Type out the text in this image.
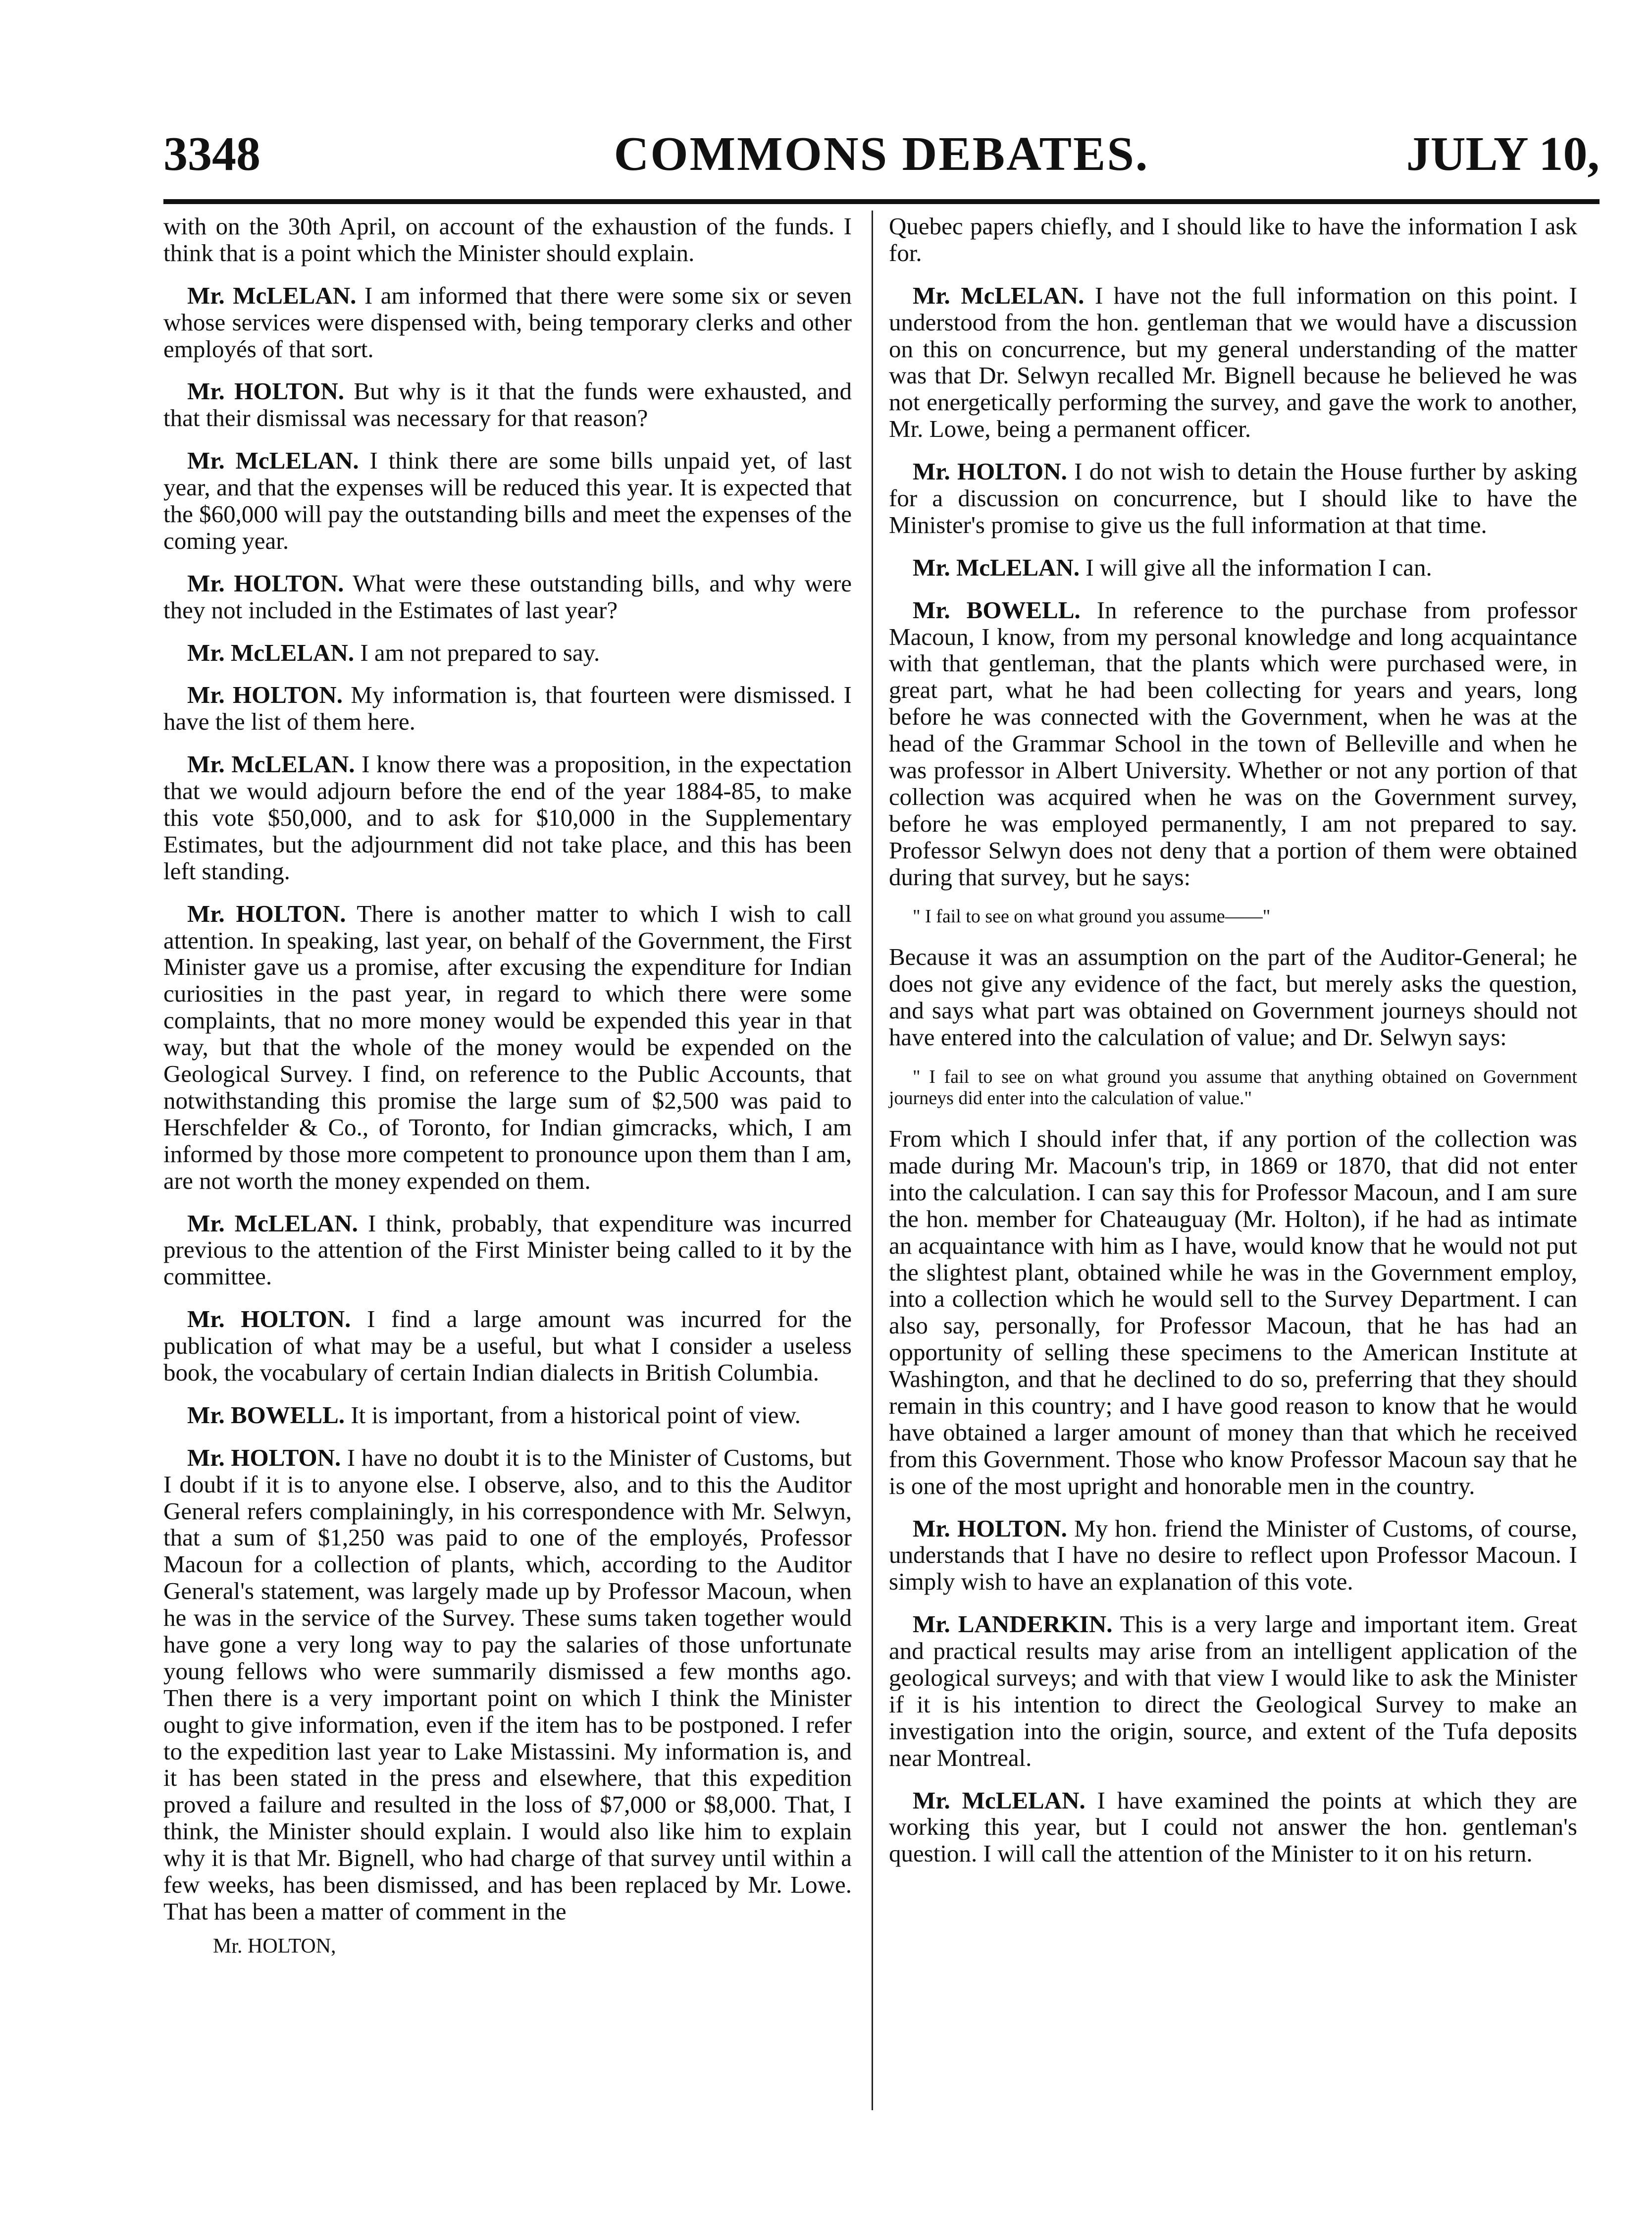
3348	COMMONS DEBATES.	JULY 10,

with on the 30th April, on account of the exhaustion of the funds. I think that is a point which the Minister should explain.

Mr. McLELAN. I am informed that there were some six or seven whose services were dispensed with, being temporary clerks and other employés of that sort.

Mr. HOLTON. But why is it that the funds were exhausted, and that their dismissal was necessary for that reason?

Mr. McLELAN. I think there are some bills unpaid yet, of last year, and that the expenses will be reduced this year. It is expected that the $60,000 will pay the outstanding bills and meet the expenses of the coming year.

Mr. HOLTON. What were these outstanding bills, and why were they not included in the Estimates of last year?

Mr. McLELAN. I am not prepared to say.

Mr. HOLTON. My information is, that fourteen were dismissed. I have the list of them here.

Mr. McLELAN. I know there was a proposition, in the expectation that we would adjourn before the end of the year 1884-85, to make this vote $50,000, and to ask for $10,000 in the Supplementary Estimates, but the adjournment did not take place, and this has been left standing.

Mr. HOLTON. There is another matter to which I wish to call attention. In speaking, last year, on behalf of the Government, the First Minister gave us a promise, after excusing the expenditure for Indian curiosities in the past year, in regard to which there were some complaints, that no more money would be expended this year in that way, but that the whole of the money would be expended on the Geological Survey. I find, on reference to the Public Accounts, that notwithstanding this promise the large sum of $2,500 was paid to Herschfelder & Co., of Toronto, for Indian gimcracks, which, I am informed by those more competent to pronounce upon them than I am, are not worth the money expended on them.

Mr. McLELAN. I think, probably, that expenditure was incurred previous to the attention of the First Minister being called to it by the committee.

Mr. HOLTON. I find a large amount was incurred for the publication of what may be a useful, but what I consider a useless book, the vocabulary of certain Indian dialects in British Columbia.

Mr. BOWELL. It is important, from a historical point of view.

Mr. HOLTON. I have no doubt it is to the Minister of Customs, but I doubt if it is to anyone else. I observe, also, and to this the Auditor General refers complainingly, in his correspondence with Mr. Selwyn, that a sum of $1,250 was paid to one of the employés, Professor Macoun for a collection of plants, which, according to the Auditor General's statement, was largely made up by Professor Macoun, when he was in the service of the Survey. These sums taken together would have gone a very long way to pay the salaries of those unfortunate young fellows who were summarily dismissed a few months ago. Then there is a very important point on which I think the Minister ought to give information, even if the item has to be postponed. I refer to the expedition last year to Lake Mistassini. My information is, and it has been stated in the press and elsewhere, that this expedition proved a failure and resulted in the loss of $7,000 or $8,000. That, I think, the Minister should explain. I would also like him to explain why it is that Mr. Bignell, who had charge of that survey until within a few weeks, has been dismissed, and has been replaced by Mr. Lowe. That has been a matter of comment in the

Mr. HOLTON,

Quebec papers chiefly, and I should like to have the information I ask for.

Mr. McLELAN. I have not the full information on this point. I understood from the hon. gentleman that we would have a discussion on this on concurrence, but my general understanding of the matter was that Dr. Selwyn recalled Mr. Bignell because he believed he was not energetically performing the survey, and gave the work to another, Mr. Lowe, being a permanent officer.

Mr. HOLTON. I do not wish to detain the House further by asking for a discussion on concurrence, but I should like to have the Minister's promise to give us the full information at that time.

Mr. McLELAN. I will give all the information I can.

Mr. BOWELL. In reference to the purchase from professor Macoun, I know, from my personal knowledge and long acquaintance with that gentleman, that the plants which were purchased were, in great part, what he had been collecting for years and years, long before he was connected with the Government, when he was at the head of the Grammar School in the town of Belleville and when he was professor in Albert University. Whether or not any portion of that collection was acquired when he was on the Government survey, before he was employed permanently, I am not prepared to say. Professor Selwyn does not deny that a portion of them were obtained during that survey, but he says:

" I fail to see on what ground you assume——"

Because it was an assumption on the part of the Auditor-General; he does not give any evidence of the fact, but merely asks the question, and says what part was obtained on Government journeys should not have entered into the calculation of value; and Dr. Selwyn says:

" I fail to see on what ground you assume that anything obtained on Government journeys did enter into the calculation of value."

From which I should infer that, if any portion of the collection was made during Mr. Macoun's trip, in 1869 or 1870, that did not enter into the calculation. I can say this for Professor Macoun, and I am sure the hon. member for Chateauguay (Mr. Holton), if he had as intimate an acquaintance with him as I have, would know that he would not put the slightest plant, obtained while he was in the Government employ, into a collection which he would sell to the Survey Department. I can also say, personally, for Professor Macoun, that he has had an opportunity of selling these specimens to the American Institute at Washington, and that he declined to do so, preferring that they should remain in this country; and I have good reason to know that he would have obtained a larger amount of money than that which he received from this Government. Those who know Professor Macoun say that he is one of the most upright and honorable men in the country.

Mr. HOLTON. My hon. friend the Minister of Customs, of course, understands that I have no desire to reflect upon Professor Macoun. I simply wish to have an explanation of this vote.

Mr. LANDERKIN. This is a very large and important item. Great and practical results may arise from an intelligent application of the geological surveys; and with that view I would like to ask the Minister if it is his intention to direct the Geological Survey to make an investigation into the origin, source, and extent of the Tufa deposits near Montreal.

Mr. McLELAN. I have examined the points at which they are working this year, but I could not answer the hon. gentleman's question. I will call the attention of the Minister to it on his return.
